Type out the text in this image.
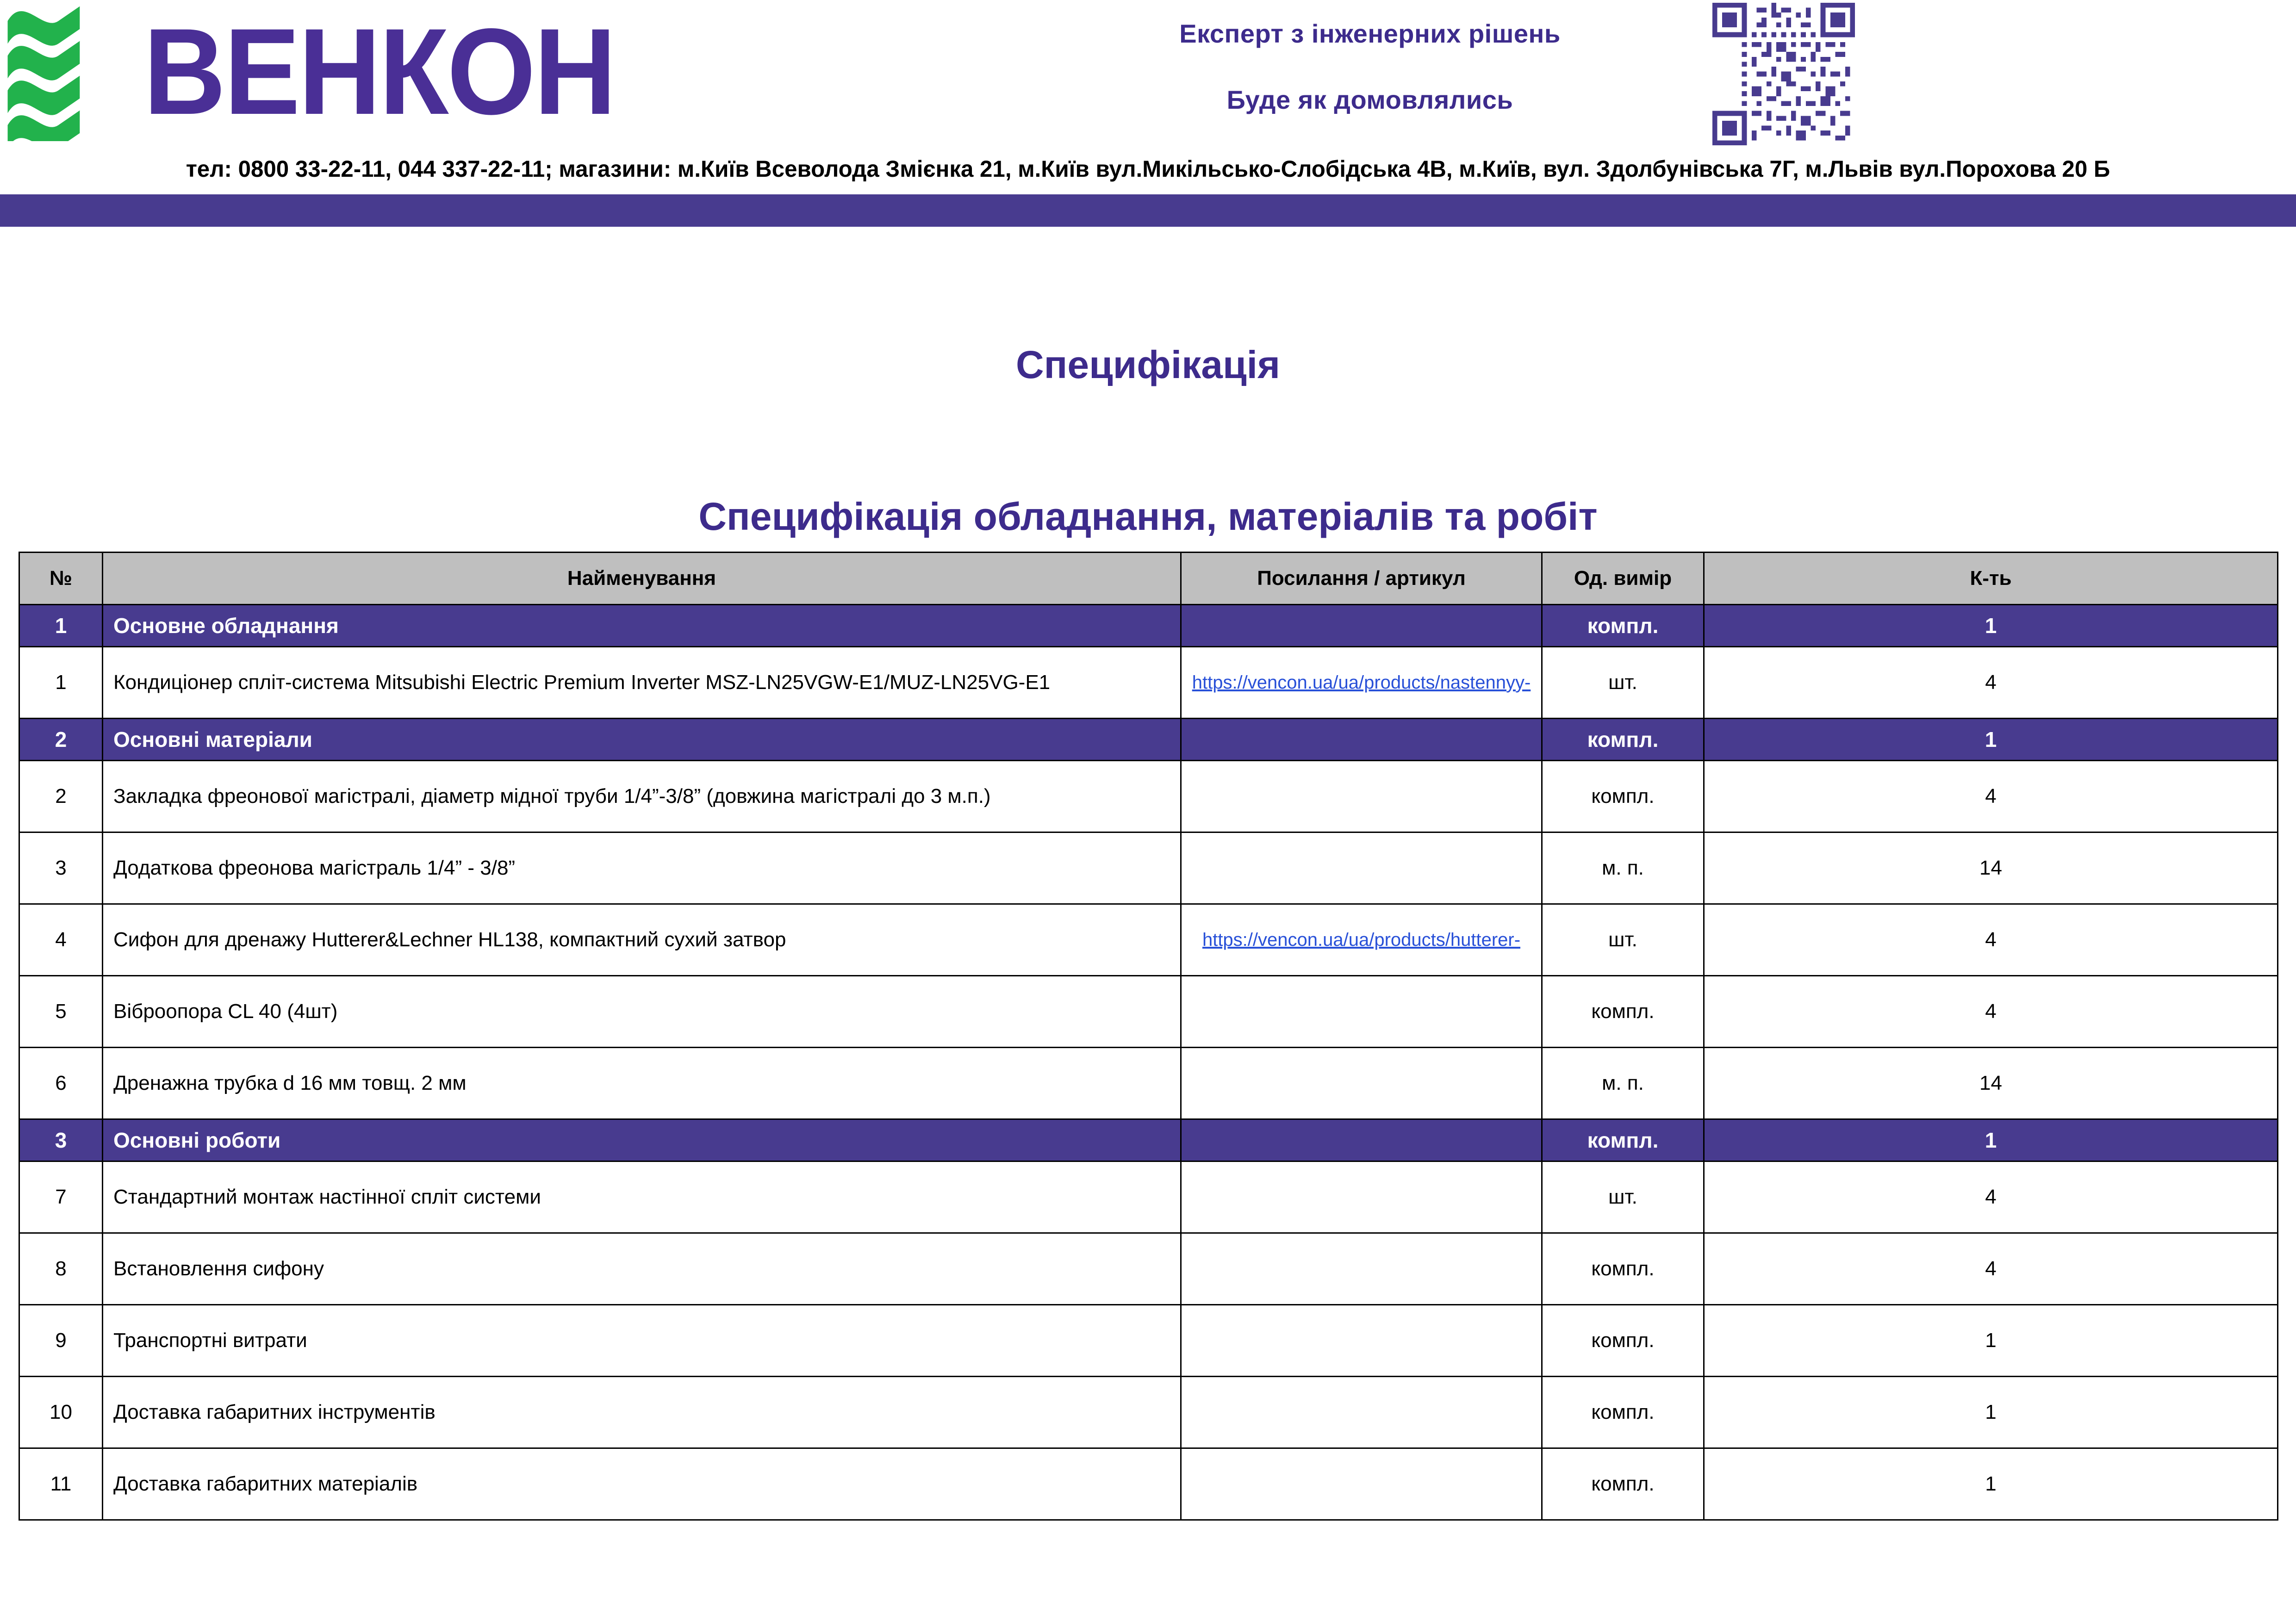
ВЕНКОН	Експерт з інженерних рішень
Буде як домовлялись
тел: 0800 33-22-11, 044 337-22-11; магазини: м.Київ Всеволода Змієнка 21, м.Київ вул.Микільсько-Слобідська 4В, м.Київ, вул. Здолбунівська 7Г, м.Львів вул.Порохова 20 Б
Специфікація
Специфікація обладнання, матеріалів та робіт
№	Найменування	Посилання / артикул	Од. вимір	К-ть
1	Основне обладнання		компл.	1
1	Кондиціонер спліт-система Mitsubishi Electric Premium Inverter MSZ-LN25VGW-E1/MUZ-LN25VG-E1	https://vencon.ua/ua/products/nastennyy-	шт.	4
2	Основні матеріали		компл.	1
2	Закладка фреонової магістралі, діаметр мідної труби 1/4”-3/8” (довжина магістралі до 3 м.п.)		компл.	4
3	Додаткова фреонова магістраль 1/4” - 3/8”		м. п.	14
4	Сифон для дренажу Hutterer&Lechner HL138, компактний сухий затвор	https://vencon.ua/ua/products/hutterer-	шт.	4
5	Віброопора CL 40 (4шт)		компл.	4
6	Дренажна трубка d 16 мм товщ. 2 мм		м. п.	14
3	Основні роботи		компл.	1
7	Стандартний монтаж настінної спліт системи		шт.	4
8	Встановлення сифону		компл.	4
9	Транспортні витрати		компл.	1
10	Доставка габаритних інструментів		компл.	1
11	Доставка габаритних матеріалів		компл.	1
